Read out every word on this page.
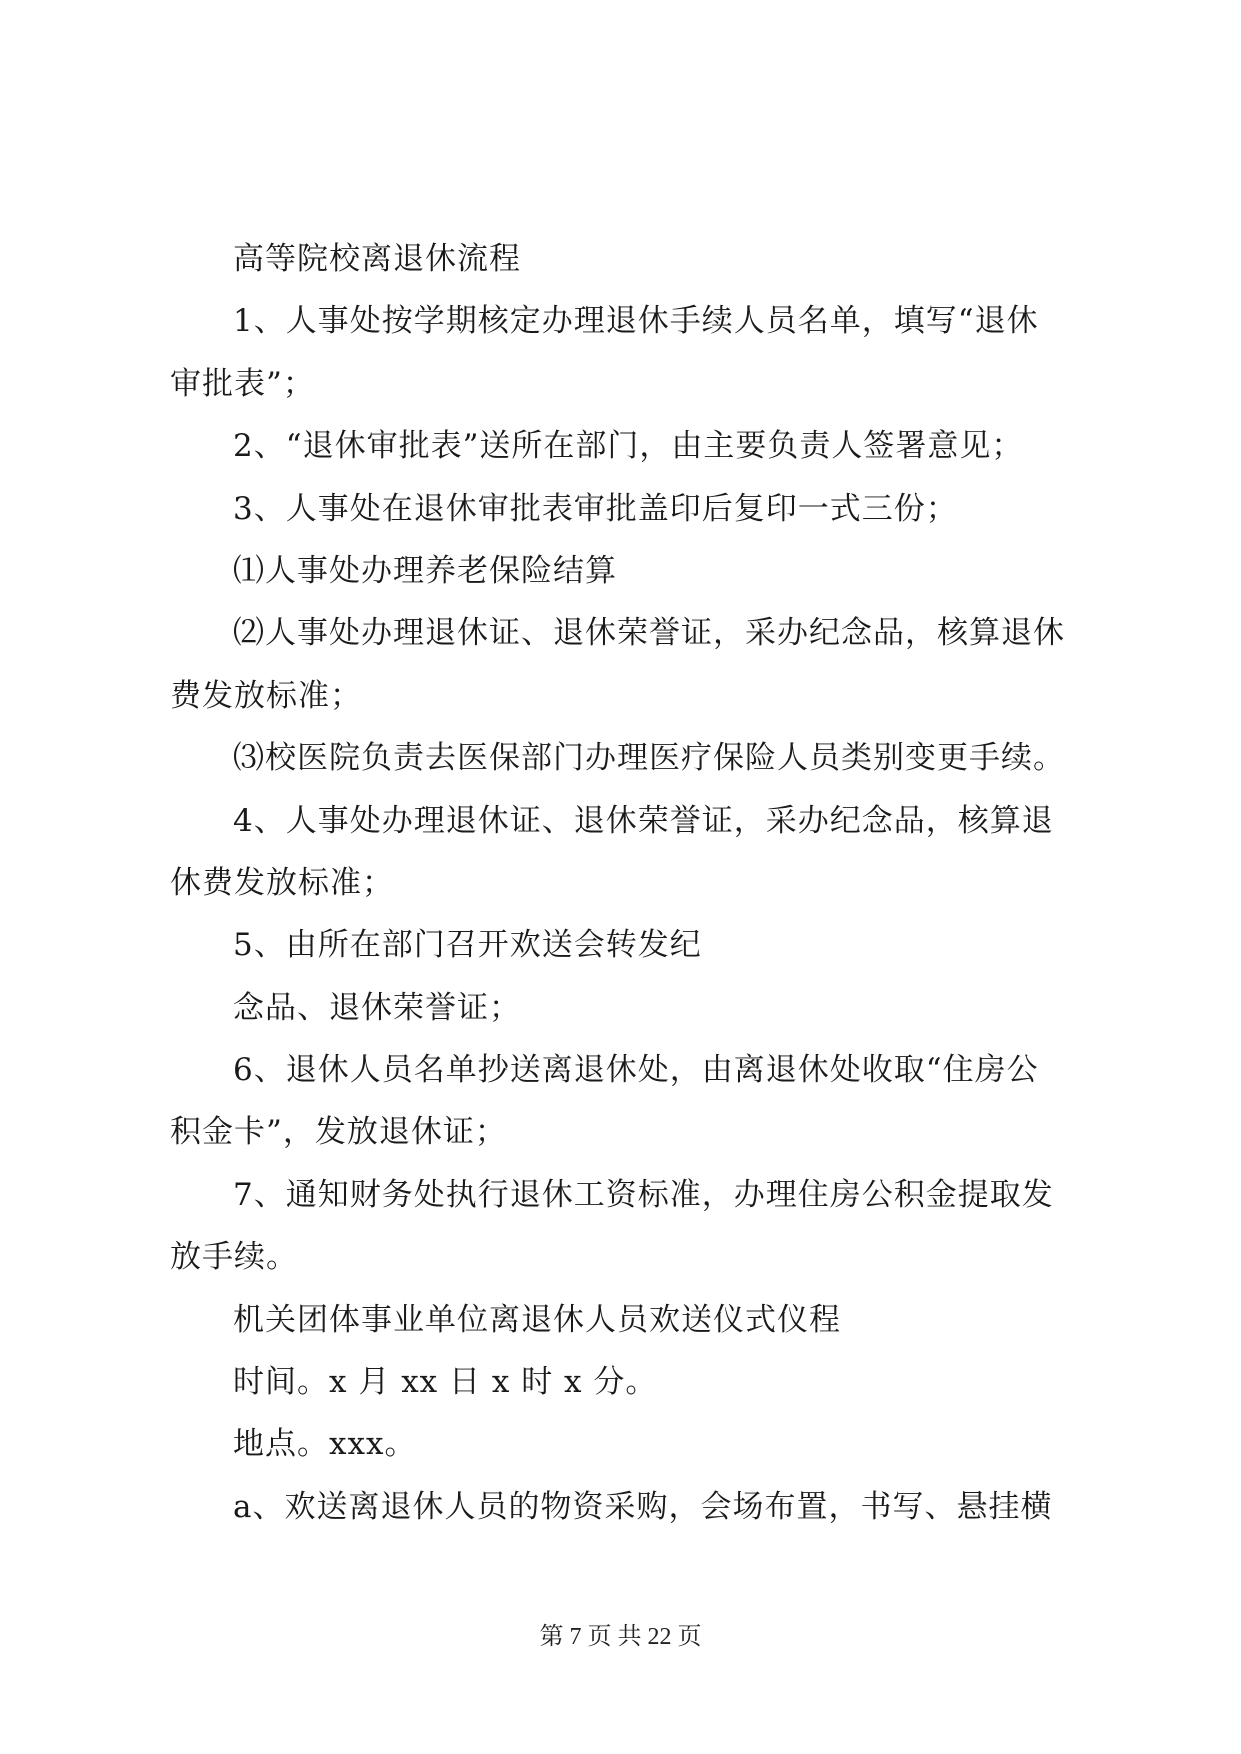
高等院校离退休流程
1、人事处按学期核定办理退休手续人员名单，填写“退休
审批表”；
2、“退休审批表”送所在部门，由主要负责人签署意见；
3、人事处在退休审批表审批盖印后复印一式三份；
⑴人事处办理养老保险结算
⑵人事处办理退休证、退休荣誉证，采办纪念品，核算退休
费发放标准；
⑶校医院负责去医保部门办理医疗保险人员类别变更手续。
4、人事处办理退休证、退休荣誉证，采办纪念品，核算退
休费发放标准；
5、由所在部门召开欢送会转发纪
念品、退休荣誉证；
6、退休人员名单抄送离退休处，由离退休处收取“住房公
积金卡”，发放退休证；
7、通知财务处执行退休工资标准，办理住房公积金提取发
放手续。
机关团体事业单位离退休人员欢送仪式仪程
时间。x 月 xx 日 x 时 x 分。
地点。xxx。
a、欢送离退休人员的物资采购，会场布置，书写、悬挂横
第 7 页 共 22 页
